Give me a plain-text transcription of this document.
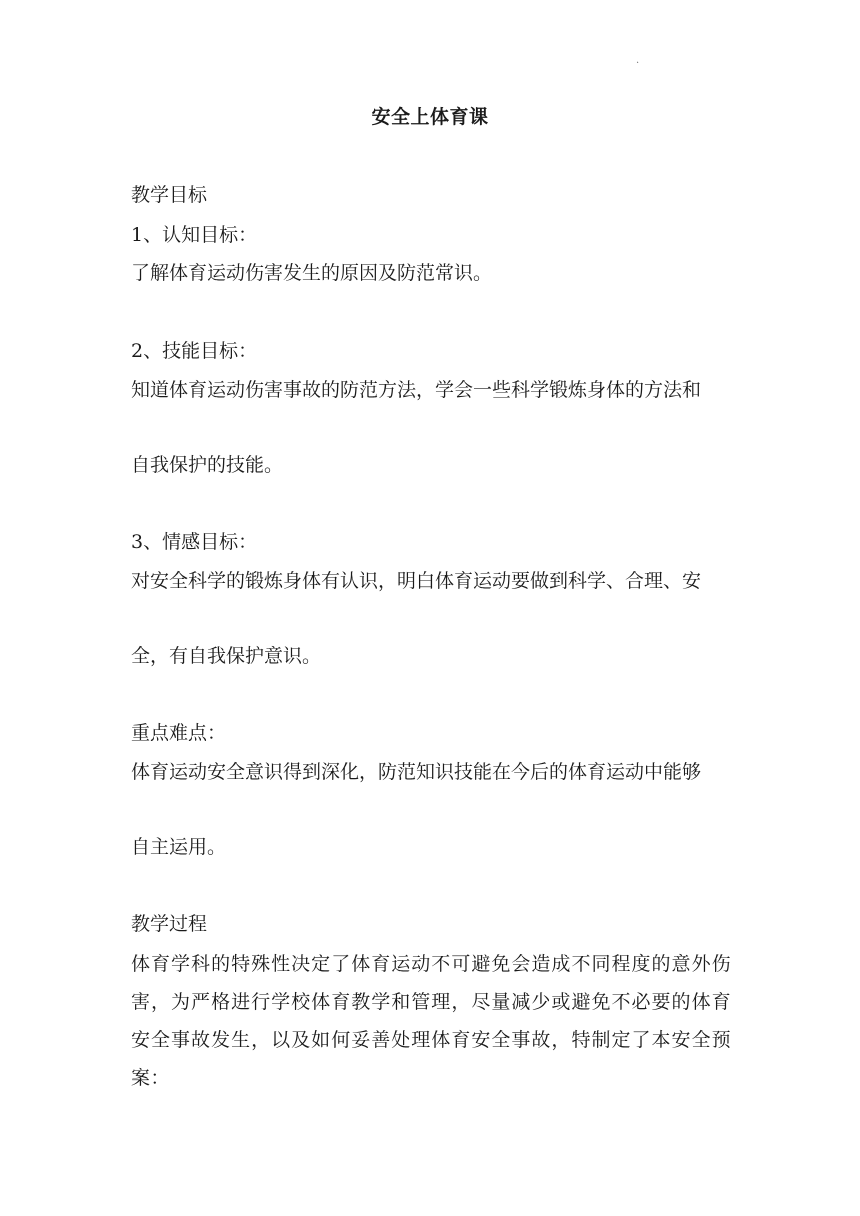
.
安全上体育课
教学目标
1、认知目标：
了解体育运动伤害发生的原因及防范常识。
2、技能目标：
知道体育运动伤害事故的防范方法，学会一些科学锻炼身体的方法和
自我保护的技能。
3、情感目标：
对安全科学的锻炼身体有认识，明白体育运动要做到科学、合理、安
全，有自我保护意识。
重点难点：
体育运动安全意识得到深化，防范知识技能在今后的体育运动中能够
自主运用。
教学过程
体育学科的特殊性决定了体育运动不可避免会造成不同程度的意外伤害，为严格进行学校体育教学和管理，尽量减少或避免不必要的体育安全事故发生，以及如何妥善处理体育安全事故，特制定了本安全预案：
